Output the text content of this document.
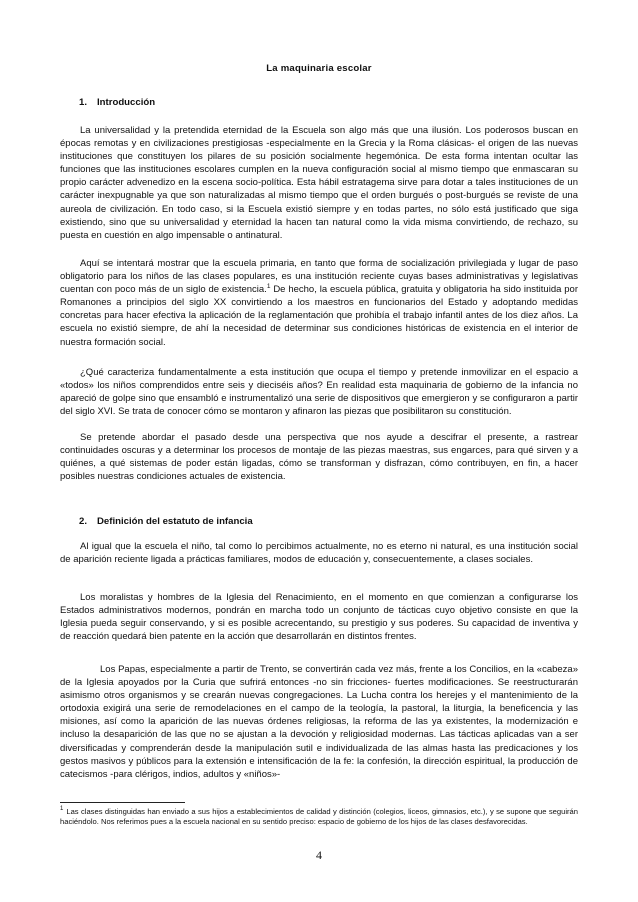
La maquinaria escolar
1. Introducción

La universalidad y la pretendida eternidad de la Escuela son algo más que una ilusión. Los poderosos buscan en épocas remotas y en civilizaciones prestigiosas -especialmente en la Grecia y la Roma clásicas- el origen de las nuevas instituciones que constituyen los pilares de su posición socialmente hegemónica. De esta forma intentan ocultar las funciones que las instituciones escolares cumplen en la nueva configuración social al mismo tiempo que enmascaran su propio carácter advenedizo en la escena socio-política. Esta hábil estratagema sirve para dotar a tales instituciones de un carácter inexpugnable ya que son naturalizadas al mismo tiempo que el orden burgués o post-burgués se reviste de una aureola de civilización. En todo caso, si la Escuela existió siempre y en todas partes, no sólo está justificado que siga existiendo, sino que su universalidad y eternidad la hacen tan natural como la vida misma convirtiendo, de rechazo, su puesta en cuestión en algo impensable o antinatural.

Aquí se intentará mostrar que la escuela primaria, en tanto que forma de socialización privilegiada y lugar de paso obligatorio para los niños de las clases populares, es una institución reciente cuyas bases administrativas y legislativas cuentan con poco más de un siglo de existencia.$^1$ De hecho, la escuela pública, gratuita y obligatoria ha sido instituida por Romanones a principios del siglo XX convirtiendo a los maestros en funcionarios del Estado y adoptando medidas concretas para hacer efectiva la aplicación de la reglamentación que prohibía el trabajo infantil antes de los diez años. La escuela no existió siempre, de ahí la necesidad de determinar sus condiciones históricas de existencia en el interior de nuestra formación social.

¿Qué caracteriza fundamentalmente a esta institución que ocupa el tiempo y pretende inmovilizar en el espacio a «todos» los niños comprendidos entre seis y dieciséis años? En realidad esta maquinaria de gobierno de la infancia no apareció de golpe sino que ensambló e instrumentalizó una serie de dispositivos que emergieron y se configuraron a partir del siglo XVI. Se trata de conocer cómo se montaron y afinaron las piezas que posibilitaron su constitución.

Se pretende abordar el pasado desde una perspectiva que nos ayude a descifrar el presente, a rastrear continuidades oscuras y a determinar los procesos de montaje de las piezas maestras, sus engarces, para qué sirven y a quiénes, a qué sistemas de poder están ligadas, cómo se transforman y disfrazan, cómo contribuyen, en fin, a hacer posibles nuestras condiciones actuales de existencia.

2. Definición del estatuto de infancia

Al igual que la escuela el niño, tal como lo percibimos actualmente, no es eterno ni natural, es una institución social de aparición reciente ligada a prácticas familiares, modos de educación y, consecuentemente, a clases sociales.

Los moralistas y hombres de la Iglesia del Renacimiento, en el momento en que comienzan a configurarse los Estados administrativos modernos, pondrán en marcha todo un conjunto de tácticas cuyo objetivo consiste en que la Iglesia pueda seguir conservando, y si es posible acrecentando, su prestigio y sus poderes. Su capacidad de inventiva y de reacción quedará bien patente en la acción que desarrollarán en distintos frentes.

Los Papas, especialmente a partir de Trento, se convertirán cada vez más, frente a los Concilios, en la «cabeza» de la Iglesia apoyados por la Curia que sufrirá entonces -no sin fricciones- fuertes modificaciones. Se reestructurarán asimismo otros organismos y se crearán nuevas congregaciones. La Lucha contra los herejes y el mantenimiento de la ortodoxia exigirá una serie de remodelaciones en el campo de la teología, la pastoral, la liturgia, la beneficencia y las misiones, así como la aparición de las nuevas órdenes religiosas, la reforma de las ya existentes, la modernización e incluso la desaparición de las que no se ajustan a la devoción y religiosidad modernas. Las tácticas aplicadas van a ser diversificadas y comprenderán desde la manipulación sutil e individualizada de las almas hasta las predicaciones y los gestos masivos y públicos para la extensión e intensificación de la fe: la confesión, la dirección espiritual, la producción de catecismos -para clérigos, indios, adultos y «niños»-

$^1$ Las clases distinguidas han enviado a sus hijos a establecimientos de calidad y distinción (colegios, liceos, gimnasios, etc.), y se supone que seguirán haciéndolo. Nos referimos pues a la escuela nacional en su sentido preciso: espacio de gobierno de los hijos de las clases desfavorecidas.

4
